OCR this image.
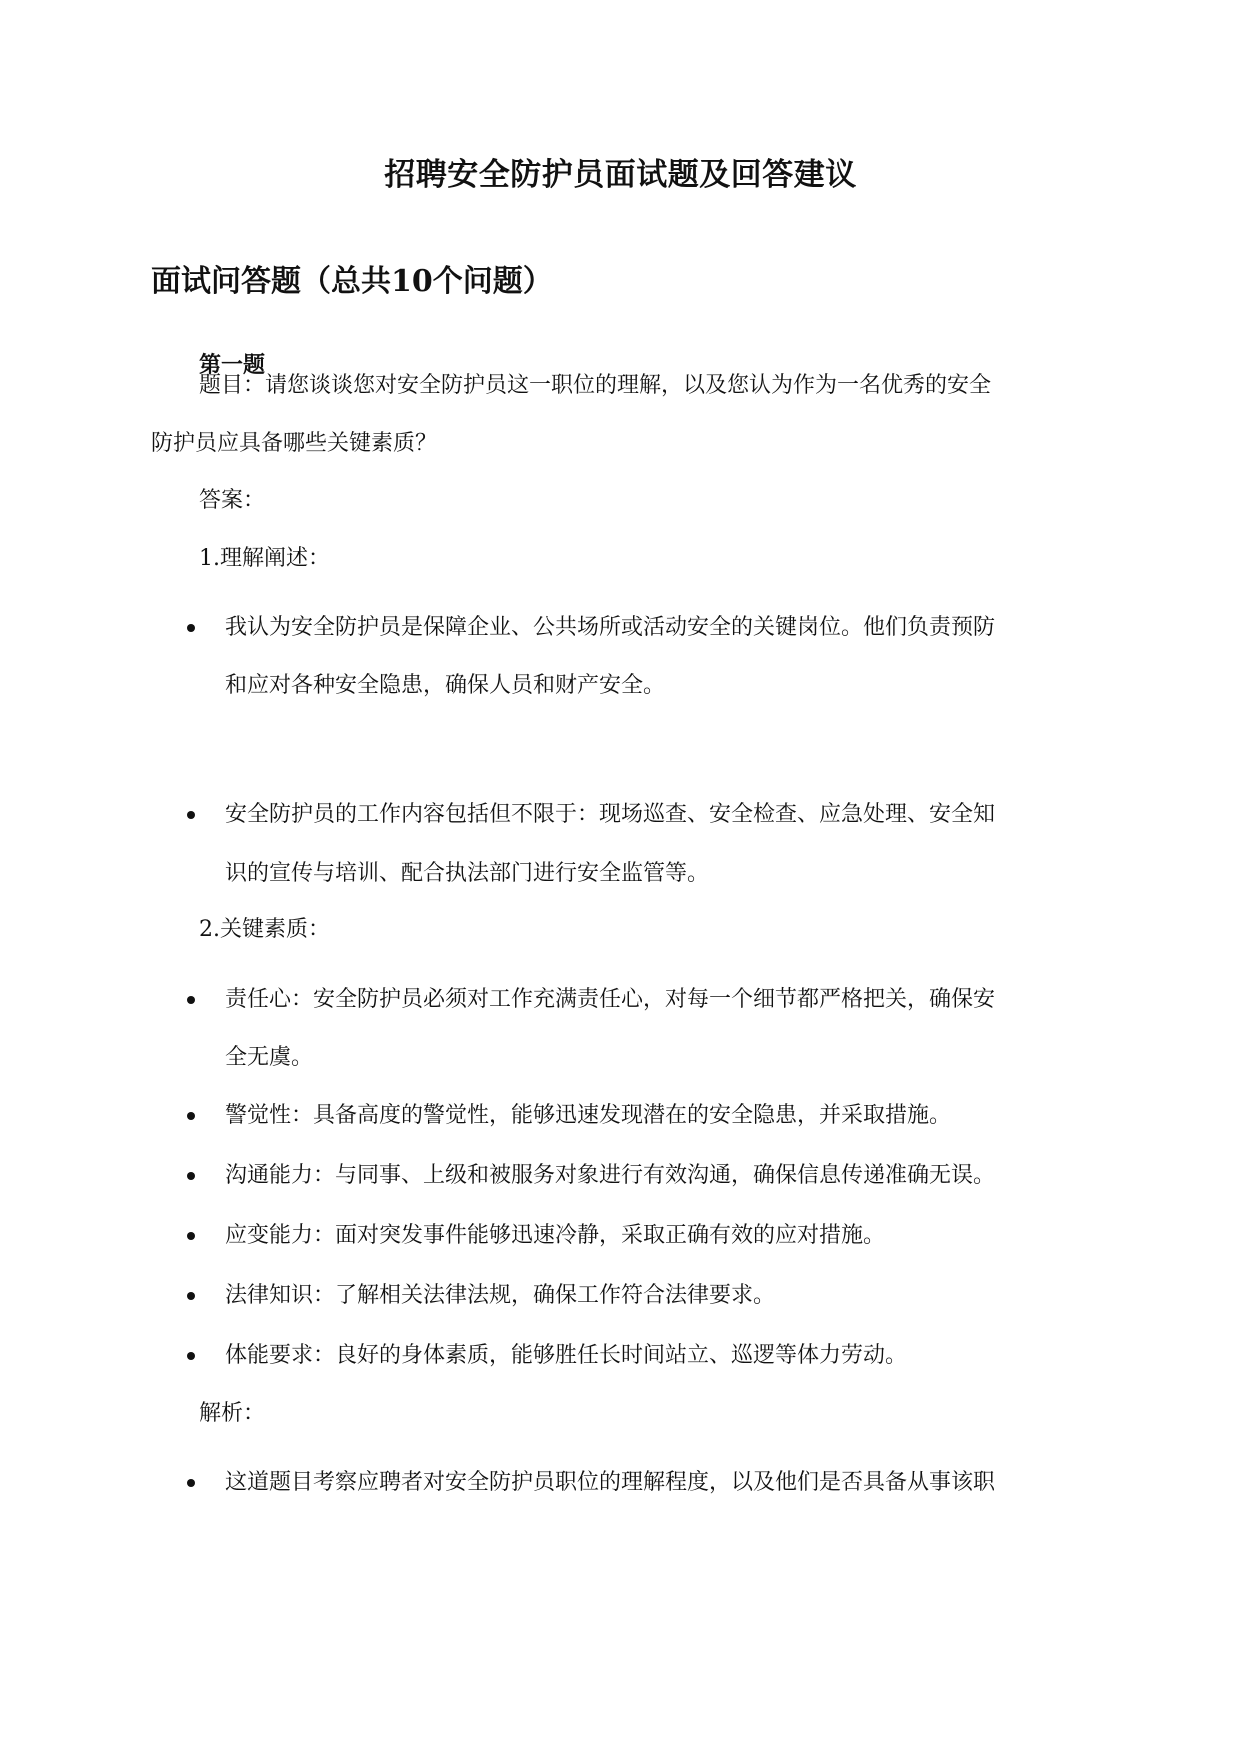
招聘安全防护员面试题及回答建议
面试问答题（总共10个问题）
第一题
题目：请您谈谈您对安全防护员这一职位的理解，以及您认为作为一名优秀的安全
防护员应具备哪些关键素质？
答案：
1.理解阐述：
我认为安全防护员是保障企业、公共场所或活动安全的关键岗位。他们负责预防
和应对各种安全隐患，确保人员和财产安全。
安全防护员的工作内容包括但不限于：现场巡查、安全检查、应急处理、安全知
识的宣传与培训、配合执法部门进行安全监管等。
2.关键素质：
责任心：安全防护员必须对工作充满责任心，对每一个细节都严格把关，确保安
全无虞。
警觉性：具备高度的警觉性，能够迅速发现潜在的安全隐患，并采取措施。
沟通能力：与同事、上级和被服务对象进行有效沟通，确保信息传递准确无误。
应变能力：面对突发事件能够迅速冷静，采取正确有效的应对措施。
法律知识：了解相关法律法规，确保工作符合法律要求。
体能要求：良好的身体素质，能够胜任长时间站立、巡逻等体力劳动。
解析：
这道题目考察应聘者对安全防护员职位的理解程度，以及他们是否具备从事该职
